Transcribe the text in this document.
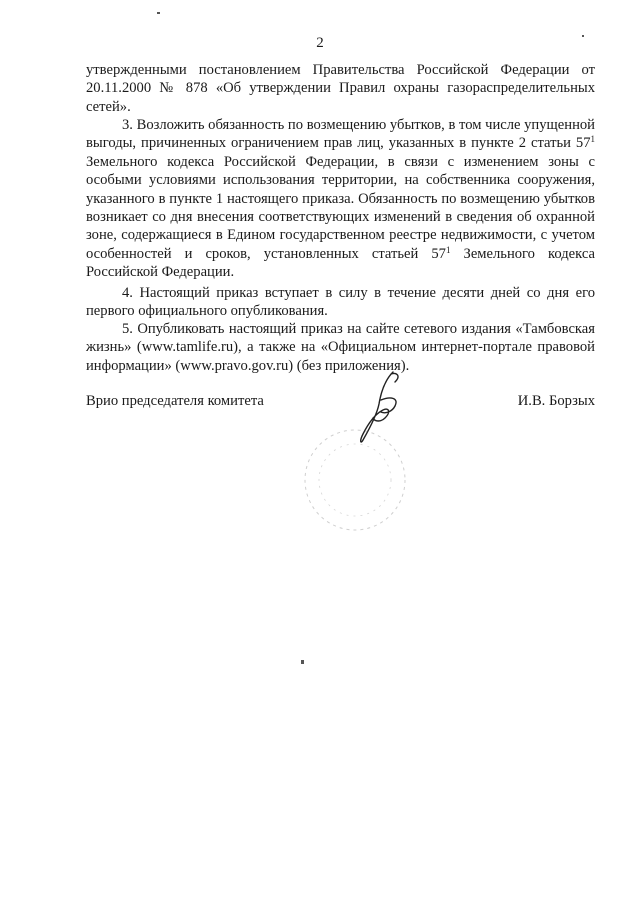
2

утвержденными постановлением Правительства Российской Федерации от 20.11.2000 № 878 «Об утверждении Правил охраны газораспределительных сетей».

3. Возложить обязанность по возмещению убытков, в том числе упущенной выгоды, причиненных ограничением прав лиц, указанных в пункте 2 статьи $57^1$ Земельного кодекса Российской Федерации, в связи с изменением зоны с особыми условиями использования территории, на собственника сооружения, указанного в пункте 1 настоящего приказа. Обязанность по возмещению убытков возникает со дня внесения соответствующих изменений в сведения об охранной зоне, содержащиеся в Едином государственном реестре недвижимости, с учетом особенностей и сроков, установленных статьей $57^1$ Земельного кодекса Российской Федерации.

4. Настоящий приказ вступает в силу в течение десяти дней со дня его первого официального опубликования.

5. Опубликовать настоящий приказ на сайте сетевого издания «Тамбовская жизнь» (www.tamlife.ru), а также на «Официальном интернет-портале правовой информации» (www.pravo.gov.ru) (без приложения).

Врио председателя комитета	И.В. Борзых
